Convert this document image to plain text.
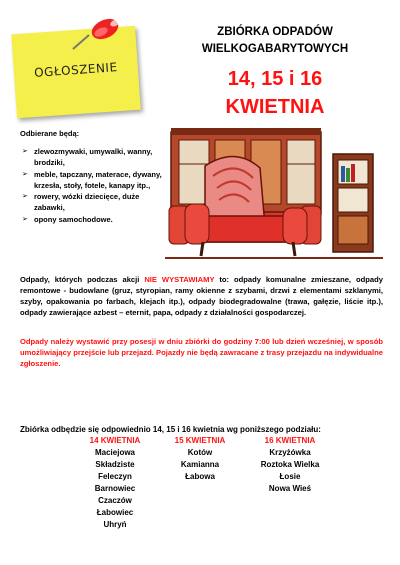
OGŁOSZENIE
ZBIÓRKA ODPADÓW
WIELKOGABARYTOWYCH
14, 15 i 16
KWIETNIA
Odbierane będą:
➢ zlewozmywaki, umywalki, wanny, brodziki,
➢ meble, tapczany, materace, dywany, krzesła, stoły, fotele, kanapy itp.,
➢ rowery, wózki dziecięce, duże zabawki,
➢ opony samochodowe.
Odpady, których podczas akcji NIE WYSTAWIAMY to: odpady komunalne zmieszane, odpady remontowe - budowlane (gruz, styropian, ramy okienne z szybami, drzwi z elementami szklanymi, szyby, opakowania po farbach, klejach itp.), odpady biodegradowalne (trawa, gałęzie, liście itp.), odpady zawierające azbest – eternit, papa, odpady z działalności gospodarczej.
Odpady należy wystawić przy posesji w dniu zbiórki do godziny 7:00 lub dzień wcześniej, w sposób umożliwiający przejście lub przejazd. Pojazdy nie będą zawracane z trasy przejazdu na indywidualne zgłoszenie.
Zbiórka odbędzie się odpowiednio 14, 15 i 16 kwietnia wg poniższego podziału:
14 KWIETNIA
Maciejowa
Składziste
Feleczyn
Barnowiec
Czaczów
Łabowiec
Uhryń
15 KWIETNIA
Kotów
Kamianna
Łabowa
16 KWIETNIA
Krzyżówka
Roztoka Wielka
Łosie
Nowa Wieś
